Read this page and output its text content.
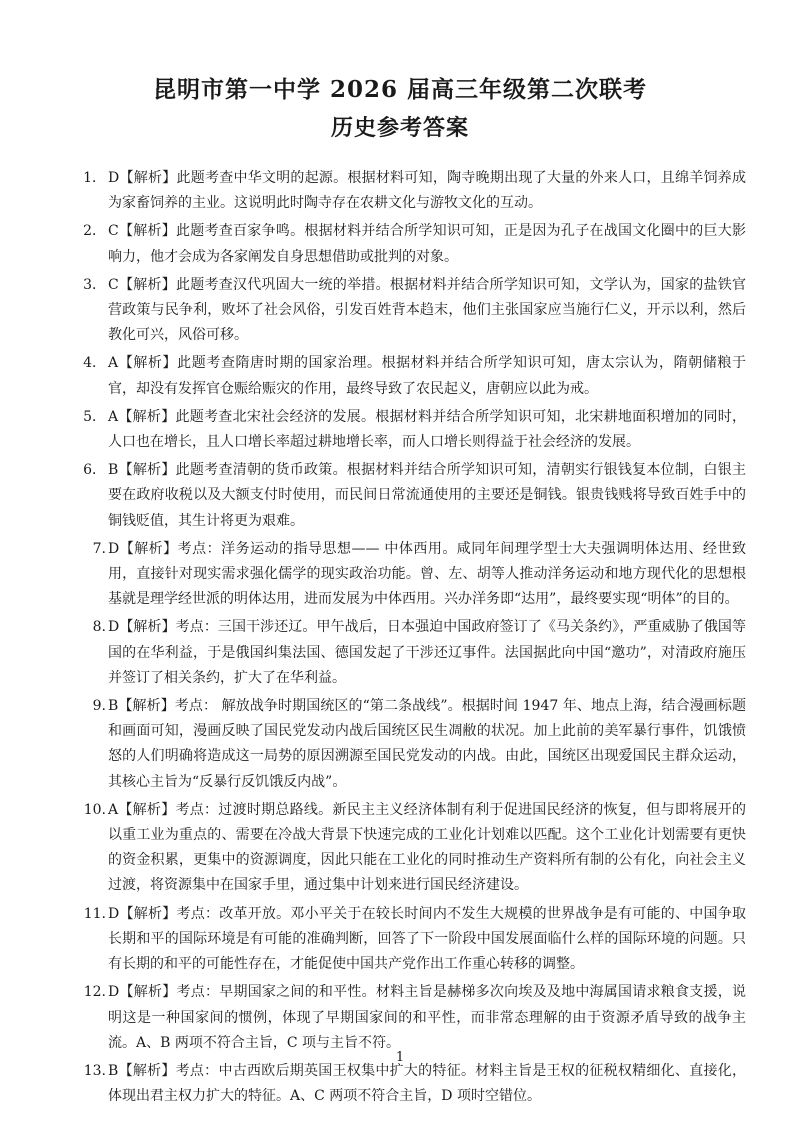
昆明市第一中学 2026 届高三年级第二次联考
历史参考答案
1． D【解析】此题考查中华文明的起源。根据材料可知，陶寺晚期出现了大量的外来人口，且绵羊饲养成为家畜饲养的主业。这说明此时陶寺存在农耕文化与游牧文化的互动。
2． C【解析】此题考查百家争鸣。根据材料并结合所学知识可知，正是因为孔子在战国文化圈中的巨大影响力，他才会成为各家阐发自身思想借助或批判的对象。
3． C【解析】此题考查汉代巩固大一统的举措。根据材料并结合所学知识可知，文学认为，国家的盐铁官营政策与民争利，败坏了社会风俗，引发百姓背本趋末，他们主张国家应当施行仁义，开示以利，然后教化可兴，风俗可移。
4． A【解析】此题考查隋唐时期的国家治理。根据材料并结合所学知识可知，唐太宗认为，隋朝储粮于官，却没有发挥官仓赈给赈灾的作用，最终导致了农民起义，唐朝应以此为戒。
5． A【解析】此题考查北宋社会经济的发展。根据材料并结合所学知识可知，北宋耕地面积增加的同时，人口也在增长，且人口增长率超过耕地增长率，而人口增长则得益于社会经济的发展。
6． B【解析】此题考查清朝的货币政策。根据材料并结合所学知识可知，清朝实行银钱复本位制，白银主要在政府收税以及大额支付时使用，而民间日常流通使用的主要还是铜钱。银贵钱贱将导致百姓手中的铜钱贬值，其生计将更为艰难。
7. D【解析】考点：洋务运动的指导思想—— 中体西用。咸同年间理学型士大夫强调明体达用、经世致用，直接针对现实需求强化儒学的现实政治功能。曾、左、胡等人推动洋务运动和地方现代化的思想根基就是理学经世派的明体达用，进而发展为中体西用。兴办洋务即“达用”，最终要实现“明体”的目的。
8. D【解析】考点：三国干涉还辽。甲午战后，日本强迫中国政府签订了《马关条约》，严重威胁了俄国等国的在华利益，于是俄国纠集法国、德国发起了干涉还辽事件。法国据此向中国“邀功”，对清政府施压并签订了相关条约，扩大了在华利益。
9. B【解析】考点： 解放战争时期国统区的“第二条战线”。根据时间 1947 年、地点上海，结合漫画标题和画面可知，漫画反映了国民党发动内战后国统区民生凋敝的状况。加上此前的美军暴行事件，饥饿愤怒的人们明确将造成这一局势的原因溯源至国民党发动的内战。由此，国统区出现爱国民主群众运动，其核心主旨为“反暴行反饥饿反内战”。
10. A【解析】考点：过渡时期总路线。新民主主义经济体制有利于促进国民经济的恢复，但与即将展开的以重工业为重点的、需要在冷战大背景下快速完成的工业化计划难以匹配。这个工业化计划需要有更快的资金积累，更集中的资源调度，因此只能在工业化的同时推动生产资料所有制的公有化，向社会主义过渡，将资源集中在国家手里，通过集中计划来进行国民经济建设。
11. D【解析】考点：改革开放。邓小平关于在较长时间内不发生大规模的世界战争是有可能的、中国争取长期和平的国际环境是有可能的准确判断，回答了下一阶段中国发展面临什么样的国际环境的问题。只有长期的和平的可能性存在，才能促使中国共产党作出工作重心转移的调整。
12. D【解析】考点：早期国家之间的和平性。材料主旨是赫梯多次向埃及及地中海属国请求粮食支援，说明这是一种国家间的惯例，体现了早期国家间的和平性，而非常态理解的由于资源矛盾导致的战争主流。A、B 两项不符合主旨，C 项与主旨不符。
13. B【解析】考点：中古西欧后期英国王权集中扩大的特征。材料主旨是王权的征税权精细化、直接化，体现出君主权力扩大的特征。A、C 两项不符合主旨，D 项时空错位。
1
